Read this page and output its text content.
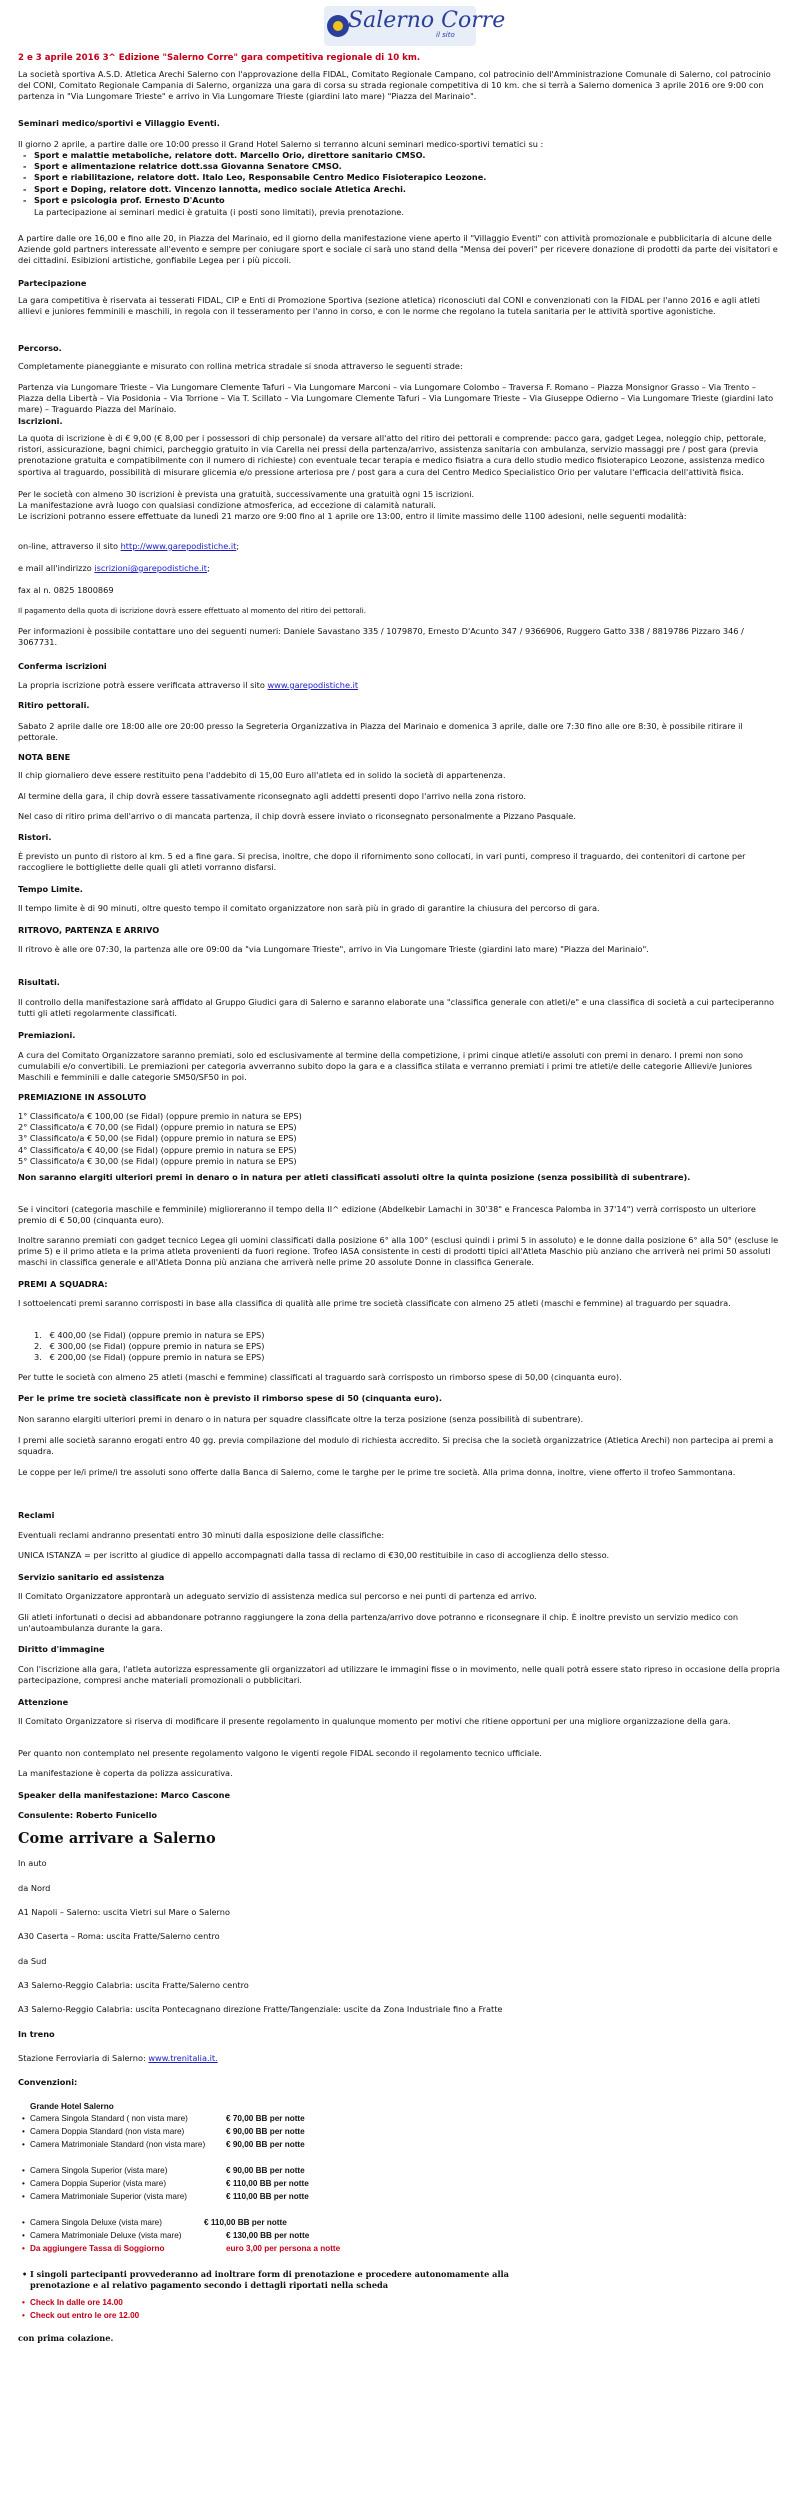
Salerno Corre
il sito
2 e 3 aprile 2016 3^ Edizione "Salerno Corre" gara competitiva regionale di 10 km.

La società sportiva A.S.D. Atletica Arechi Salerno con l'approvazione della FIDAL, Comitato Regionale Campano, col patrocinio dell'Amministrazione Comunale di Salerno, col patrocinio del CONI, Comitato Regionale Campania di Salerno, organizza una gara di corsa su strada regionale competitiva di 10 km. che si terrà a Salerno domenica 3 aprile 2016 ore 9:00 con partenza in "Via Lungomare Trieste" e arrivo in Via Lungomare Trieste (giardini lato mare) "Piazza del Marinaio".

Seminari medico/sportivi e Villaggio Eventi.

Il giorno 2 aprile, a partire dalle ore 10:00 presso il Grand Hotel Salerno si terranno alcuni seminari medico-sportivi tematici su :

- Sport e malattie metaboliche, relatore dott. Marcello Orio, direttore sanitario CMSO.
- Sport e alimentazione relatrice dott.ssa Giovanna Senatore CMSO.
- Sport e riabilitazione, relatore dott. Italo Leo, Responsabile Centro Medico Fisioterapico Leozone.
- Sport e Doping, relatore dott. Vincenzo Iannotta, medico sociale Atletica Arechi.
- Sport e psicologia prof. Ernesto D'Acunto

La partecipazione ai seminari medici è gratuita (i posti sono limitati), previa prenotazione.

A partire dalle ore 16,00 e fino alle 20, in Piazza del Marinaio, ed il giorno della manifestazione viene aperto il "Villaggio Eventi" con attività promozionale e pubblicitaria di alcune delle Aziende gold partners interessate all'evento e sempre per coniugare sport e sociale ci sarà uno stand della "Mensa dei poveri" per ricevere donazione di prodotti da parte dei visitatori e dei cittadini. Esibizioni artistiche, gonfiabile Legea per i più piccoli.

Partecipazione

La gara competitiva è riservata ai tesserati FIDAL, CIP e Enti di Promozione Sportiva (sezione atletica) riconosciuti dal CONI e convenzionati con la FIDAL per l'anno 2016 e agli atleti allievi e juniores femminili e maschili, in regola con il tesseramento per l'anno in corso, e con le norme che regolano la tutela sanitaria per le attività sportive agonistiche.

Percorso.

Completamente pianeggiante e misurato con rollina metrica stradale si snoda attraverso le seguenti strade:

Partenza via Lungomare Trieste – Via Lungomare Clemente Tafuri – Via Lungomare Marconi – via Lungomare Colombo – Traversa F. Romano – Piazza Monsignor Grasso – Via Trento – Piazza della Libertà – Via Posidonia – Via Torrione – Via T. Scillato – Via Lungomare Clemente Tafuri – Via Lungomare Trieste – Via Giuseppe Odierno – Via Lungomare Trieste (giardini lato mare) – Traguardo Piazza del Marinaio.

Iscrizioni.

La quota di iscrizione è di € 9,00 (€ 8,00 per i possessori di chip personale) da versare all'atto del ritiro dei pettorali e comprende: pacco gara, gadget Legea, noleggio chip, pettorale, ristori, assicurazione, bagni chimici, parcheggio gratuito in via Carella nei pressi della partenza/arrivo, assistenza sanitaria con ambulanza, servizio massaggi pre / post gara (previa prenotazione gratuita e compatibilmente con il numero di richieste) con eventuale tecar terapia e medico fisiatra a cura dello studio medico fisioterapico Leozone, assistenza medico sportiva al traguardo, possibilità di misurare glicemia e/o pressione arteriosa pre / post gara a cura del Centro Medico Specialistico Orio per valutare l'efficacia dell'attività fisica.

Per le società con almeno 30 iscrizioni è prevista una gratuità, successivamente una gratuità ogni 15 iscrizioni.

La manifestazione avrà luogo con qualsiasi condizione atmosferica, ad eccezione di calamità naturali.

Le iscrizioni potranno essere effettuate da lunedì 21 marzo ore 9:00 fino al 1 aprile ore 13:00, entro il limite massimo delle 1100 adesioni, nelle seguenti modalità:

on-line, attraverso il sito http://www.garepodistiche.it;

e mail all'indirizzo iscrizioni@garepodistiche.it;

fax al n. 0825 1800869

Il pagamento della quota di iscrizione dovrà essere effettuato al momento del ritiro dei pettorali.

Per informazioni è possibile contattare uno dei seguenti numeri: Daniele Savastano 335 / 1079870, Ernesto D'Acunto 347 / 9366906, Ruggero Gatto 338 / 8819786 Pizzaro 346 / 3067731.

Conferma iscrizioni

La propria iscrizione potrà essere verificata attraverso il sito www.garepodistiche.it

Ritiro pettorali.

Sabato 2 aprile dalle ore 18:00 alle ore 20:00 presso la Segreteria Organizzativa in Piazza del Marinaio e domenica 3 aprile, dalle ore 7:30 fino alle ore 8:30, è possibile ritirare il pettorale.

NOTA BENE

Il chip giornaliero deve essere restituito pena l'addebito di 15,00 Euro all'atleta ed in solido la società di appartenenza.

Al termine della gara, il chip dovrà essere tassativamente riconsegnato agli addetti presenti dopo l'arrivo nella zona ristoro.

Nel caso di ritiro prima dell'arrivo o di mancata partenza, il chip dovrà essere inviato o riconsegnato personalmente a Pizzano Pasquale.

Ristori.

È previsto un punto di ristoro al km. 5 ed a fine gara. Si precisa, inoltre, che dopo il rifornimento sono collocati, in vari punti, compreso il traguardo, dei contenitori di cartone per raccogliere le bottigliette delle quali gli atleti vorranno disfarsi.

Tempo Limite.

Il tempo limite è di 90 minuti, oltre questo tempo il comitato organizzatore non sarà più in grado di garantire la chiusura del percorso di gara.

RITROVO, PARTENZA E ARRIVO

Il ritrovo è alle ore 07:30, la partenza alle ore 09:00 da "via Lungomare Trieste", arrivo in Via Lungomare Trieste (giardini lato mare) "Piazza del Marinaio".

Risultati.

Il controllo della manifestazione sarà affidato al Gruppo Giudici gara di Salerno e saranno elaborate una "classifica generale con atleti/e" e una classifica di società a cui parteciperanno tutti gli atleti regolarmente classificati.

Premiazioni.

A cura del Comitato Organizzatore saranno premiati, solo ed esclusivamente al termine della competizione, i primi cinque atleti/e assoluti con premi in denaro. I premi non sono cumulabili e/o convertibili. Le premiazioni per categoria avverranno subito dopo la gara e a classifica stilata e verranno premiati i primi tre atleti/e delle categorie Allievi/e Juniores Maschili e femminili e dalle categorie SM50/SF50 in poi.

PREMIAZIONE IN ASSOLUTO

1° Classificato/a € 100,00 (se Fidal) (oppure premio in natura se EPS)
2° Classificato/a € 70,00 (se Fidal) (oppure premio in natura se EPS)
3° Classificato/a € 50,00 (se Fidal) (oppure premio in natura se EPS)
4° Classificato/a € 40,00 (se Fidal) (oppure premio in natura se EPS)
5° Classificato/a € 30,00 (se Fidal) (oppure premio in natura se EPS)

Non saranno elargiti ulteriori premi in denaro o in natura per atleti classificati assoluti oltre la quinta posizione (senza possibilità di subentrare).

Se i vincitori (categoria maschile e femminile) miglioreranno il tempo della II^ edizione (Abdelkebir Lamachi in 30'38" e Francesca Palomba in 37'14") verrà corrisposto un ulteriore premio di € 50,00 (cinquanta euro).

Inoltre saranno premiati con gadget tecnico Legea gli uomini classificati dalla posizione 6° alla 100° (esclusi quindi i primi 5 in assoluto) e le donne dalla posizione 6° alla 50° (escluse le prime 5) e il primo atleta e la prima atleta provenienti da fuori regione. Trofeo IASA consistente in cesti di prodotti tipici all'Atleta Maschio più anziano che arriverà nei primi 50 assoluti maschi in classifica generale e all'Atleta Donna più anziana che arriverà nelle prime 20 assolute Donne in classifica Generale.

PREMI A SQUADRA:

I sottoelencati premi saranno corrisposti in base alla classifica di qualità alle prime tre società classificate con almeno 25 atleti (maschi e femmine) al traguardo per squadra.

1.   € 400,00 (se Fidal) (oppure premio in natura se EPS)
2.   € 300,00 (se Fidal) (oppure premio in natura se EPS)
3.   € 200,00 (se Fidal) (oppure premio in natura se EPS)

Per tutte le società con almeno 25 atleti (maschi e femmine) classificati al traguardo sarà corrisposto un rimborso spese di 50,00 (cinquanta euro).

Per le prime tre società classificate non è previsto il rimborso spese di 50 (cinquanta euro).

Non saranno elargiti ulteriori premi in denaro o in natura per squadre classificate oltre la terza posizione (senza possibilità di subentrare).

I premi alle società saranno erogati entro 40 gg. previa compilazione del modulo di richiesta accredito. Si precisa che la società organizzatrice (Atletica Arechi) non partecipa ai premi a squadra.

Le coppe per le/i prime/i tre assoluti sono offerte dalla Banca di Salerno, come le targhe per le prime tre società. Alla prima donna, inoltre, viene offerto il trofeo Sammontana.

Reclami

Eventuali reclami andranno presentati entro 30 minuti dalla esposizione delle classifiche:

UNICA ISTANZA = per iscritto al giudice di appello accompagnati dalla tassa di reclamo di €30,00 restituibile in caso di accoglienza dello stesso.

Servizio sanitario ed assistenza

Il Comitato Organizzatore approntarà un adeguato servizio di assistenza medica sul percorso e nei punti di partenza ed arrivo.

Gli atleti infortunati o decisi ad abbandonare potranno raggiungere la zona della partenza/arrivo dove potranno e riconsegnare il chip. È inoltre previsto un servizio medico con un'autoambulanza durante la gara.

Diritto d'immagine

Con l'iscrizione alla gara, l'atleta autorizza espressamente gli organizzatori ad utilizzare le immagini fisse o in movimento, nelle quali potrà essere stato ripreso in occasione della propria partecipazione, compresi anche materiali promozionali o pubblicitari.

Attenzione

Il Comitato Organizzatore si riserva di modificare il presente regolamento in qualunque momento per motivi che ritiene opportuni per una migliore organizzazione della gara.

Per quanto non contemplato nel presente regolamento valgono le vigenti regole FIDAL secondo il regolamento tecnico ufficiale.

La manifestazione è coperta da polizza assicurativa.

Speaker della manifestazione: Marco Cascone

Consulente: Roberto Funicello

Come arrivare a Salerno

In auto

da Nord

A1 Napoli – Salerno: uscita Vietri sul Mare o Salerno

A30 Caserta – Roma: uscita Fratte/Salerno centro

da Sud

A3 Salerno-Reggio Calabria: uscita Fratte/Salerno centro

A3 Salerno-Reggio Calabria: uscita Pontecagnano direzione Fratte/Tangenziale: uscite da Zona Industriale fino a Fratte

In treno

Stazione Ferroviaria di Salerno: www.trenitalia.it.

Convenzioni:

Grande Hotel Salerno
• Camera Singola Standard ( non vista mare)	€ 70,00 BB per notte
• Camera Doppia Standard (non vista mare)	€ 90,00 BB per notte
• Camera Matrimoniale Standard (non vista mare)	€ 90,00 BB per notte
• Camera Singola Superior (vista mare)	€ 90,00 BB per notte
• Camera Doppia Superior (vista mare)	€ 110,00 BB per notte
• Camera Matrimoniale Superior (vista mare)	€ 110,00 BB per notte
• Camera Singola Deluxe (vista mare)	€ 110,00 BB per notte
• Camera Matrimoniale Deluxe (vista mare)	€ 130,00 BB per notte
• Da aggiungere Tassa di Soggiorno	euro 3,00 per persona a notte
• I singoli partecipanti provvederanno ad inoltrare form di prenotazione e procedere autonomamente alla prenotazione e al relativo pagamento secondo i dettagli riportati nella scheda
• Check In dalle ore 14.00
• Check out entro le ore 12.00
con prima colazione.
